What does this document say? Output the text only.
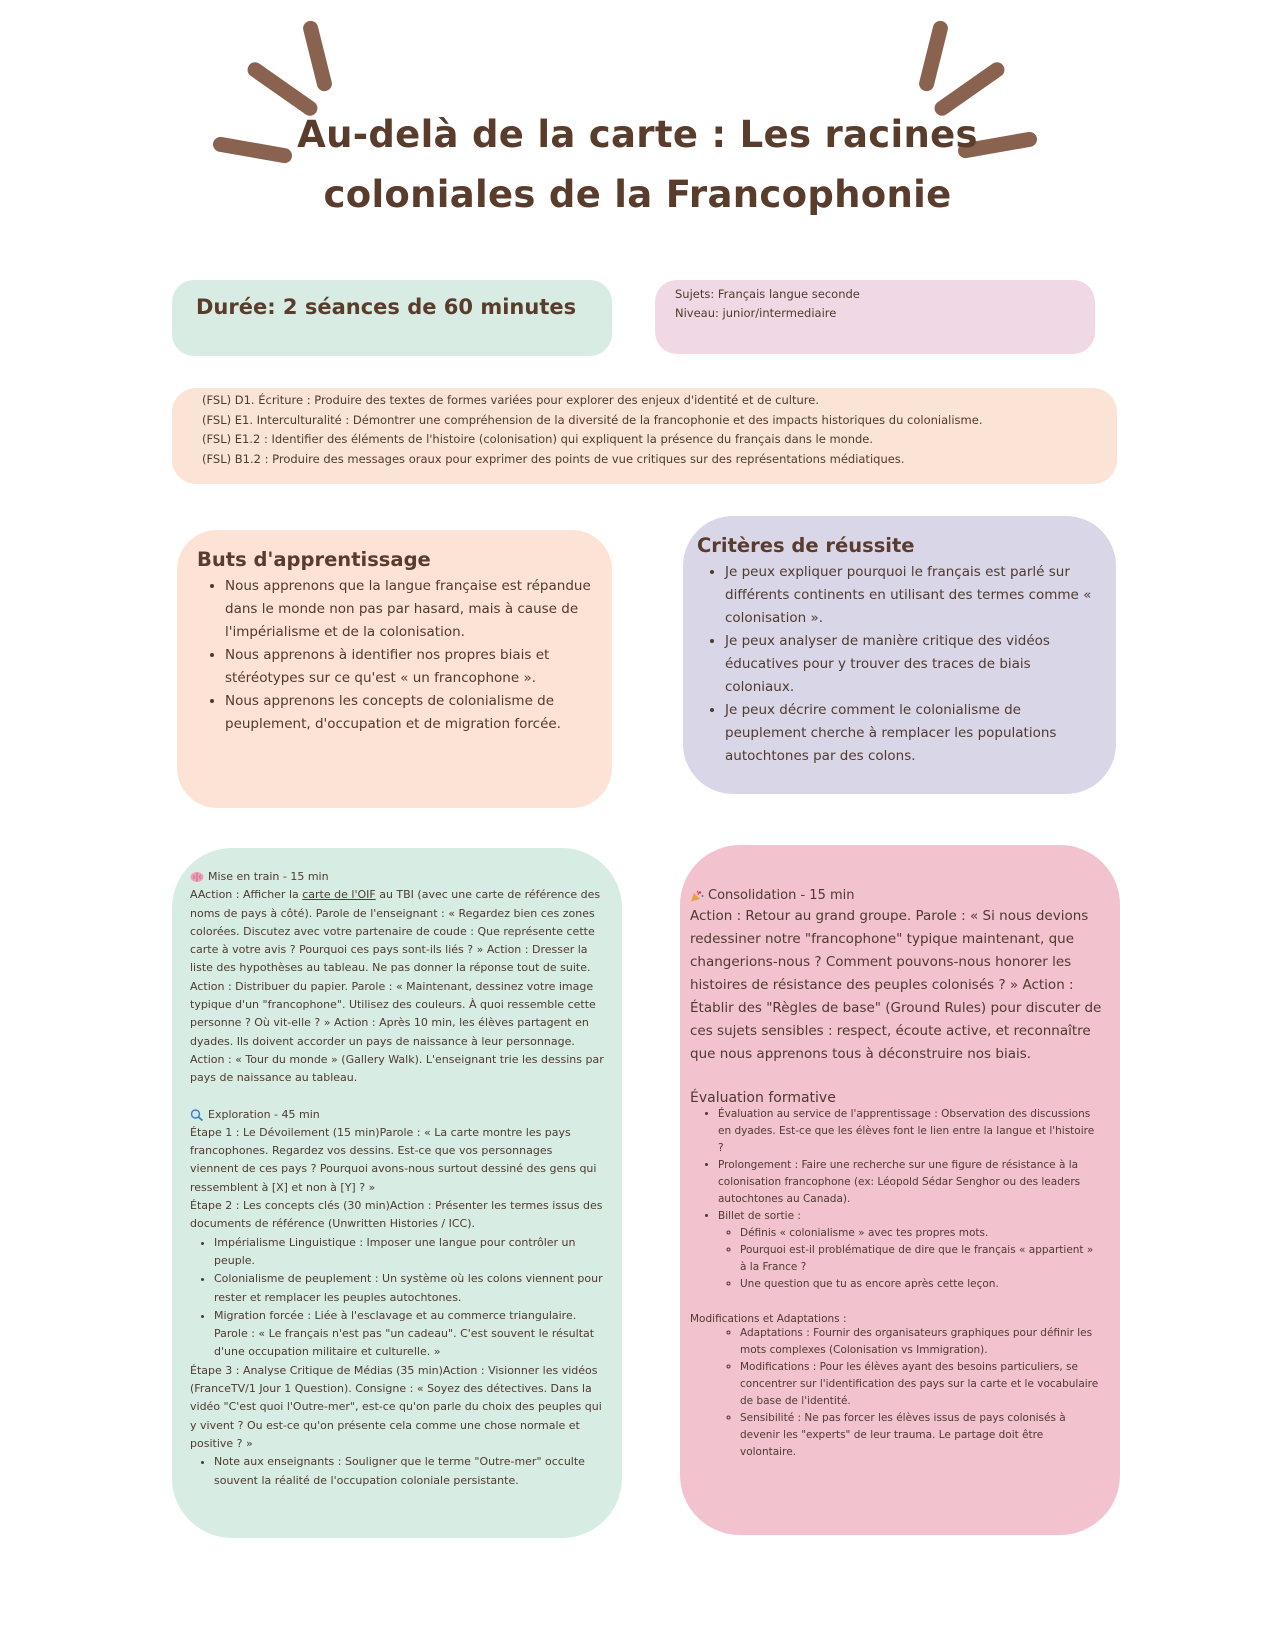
Au-delà de la carte : Les racines
coloniales de la Francophonie
Durée: 2 séances de 60 minutes
Sujets: Français langue seconde
Niveau: junior/intermediaire

(FSL) D1. Écriture : Produire des textes de formes variées pour explorer des enjeux d'identité et de culture.

(FSL) E1. Interculturalité : Démontrer une compréhension de la diversité de la francophonie et des impacts historiques du colonialisme.

(FSL) E1.2 : Identifier des éléments de l'histoire (colonisation) qui expliquent la présence du français dans le monde.

(FSL) B1.2 : Produire des messages oraux pour exprimer des points de vue critiques sur des représentations médiatiques.

Buts d'apprentissage
• Nous apprenons que la langue française est répandue dans le monde non pas par hasard, mais à cause de l'impérialisme et de la colonisation.
• Nous apprenons à identifier nos propres biais et stéréotypes sur ce qu'est « un francophone ».
• Nous apprenons les concepts de colonialisme de peuplement, d'occupation et de migration forcée.
Critères de réussite
• Je peux expliquer pourquoi le français est parlé sur différents continents en utilisant des termes comme « colonisation ».
• Je peux analyser de manière critique des vidéos éducatives pour y trouver des traces de biais coloniaux.
• Je peux décrire comment le colonialisme de peuplement cherche à remplacer les populations autochtones par des colons.

Mise en train - 15 min

AAction : Afficher la carte de l'OIF au TBI (avec une carte de référence des noms de pays à côté). Parole de l'enseignant : « Regardez bien ces zones colorées. Discutez avec votre partenaire de coude : Que représente cette carte à votre avis ? Pourquoi ces pays sont-ils liés ? » Action : Dresser la liste des hypothèses au tableau. Ne pas donner la réponse tout de suite. Action : Distribuer du papier. Parole : « Maintenant, dessinez votre image typique d'un "francophone". Utilisez des couleurs. À quoi ressemble cette personne ? Où vit-elle ? » Action : Après 10 min, les élèves partagent en dyades. Ils doivent accorder un pays de naissance à leur personnage. Action : « Tour du monde » (Gallery Walk). L'enseignant trie les dessins par pays de naissance au tableau.

Exploration - 45 min

Étape 1 : Le Dévoilement (15 min)Parole : « La carte montre les pays francophones. Regardez vos dessins. Est-ce que vos personnages viennent de ces pays ? Pourquoi avons-nous surtout dessiné des gens qui ressemblent à [X] et non à [Y] ? »

Étape 2 : Les concepts clés (30 min)Action : Présenter les termes issus des documents de référence (Unwritten Histories / ICC).

• Impérialisme Linguistique : Imposer une langue pour contrôler un peuple.
• Colonialisme de peuplement : Un système où les colons viennent pour rester et remplacer les peuples autochtones.
• Migration forcée : Liée à l'esclavage et au commerce triangulaire. Parole : « Le français n'est pas "un cadeau". C'est souvent le résultat d'une occupation militaire et culturelle. »

Étape 3 : Analyse Critique de Médias (35 min)Action : Visionner les vidéos (FranceTV/1 Jour 1 Question). Consigne : « Soyez des détectives. Dans la vidéo "C'est quoi l'Outre-mer", est-ce qu'on parle du choix des peuples qui y vivent ? Ou est-ce qu'on présente cela comme une chose normale et positive ? »

• Note aux enseignants : Souligner que le terme "Outre-mer" occulte souvent la réalité de l'occupation coloniale persistante.

Consolidation - 15 min

Action : Retour au grand groupe. Parole : « Si nous devions redessiner notre "francophone" typique maintenant, que changerions-nous ? Comment pouvons-nous honorer les histoires de résistance des peuples colonisés ? » Action : Établir des "Règles de base" (Ground Rules) pour discuter de ces sujets sensibles : respect, écoute active, et reconnaître que nous apprenons tous à déconstruire nos biais.

Évaluation formative
• Évaluation au service de l'apprentissage : Observation des discussions en dyades. Est-ce que les élèves font le lien entre la langue et l'histoire ?
• Prolongement : Faire une recherche sur une figure de résistance à la colonisation francophone (ex: Léopold Sédar Senghor ou des leaders autochtones au Canada).
• Billet de sortie :
◦ Définis « colonialisme » avec tes propres mots.
◦ Pourquoi est-il problématique de dire que le français « appartient » à la France ?
◦ Une question que tu as encore après cette leçon.

Modifications et Adaptations :

◦ Adaptations : Fournir des organisateurs graphiques pour définir les mots complexes (Colonisation vs Immigration).
◦ Modifications : Pour les élèves ayant des besoins particuliers, se concentrer sur l'identification des pays sur la carte et le vocabulaire de base de l'identité.
◦ Sensibilité : Ne pas forcer les élèves issus de pays colonisés à devenir les "experts" de leur trauma. Le partage doit être volontaire.
